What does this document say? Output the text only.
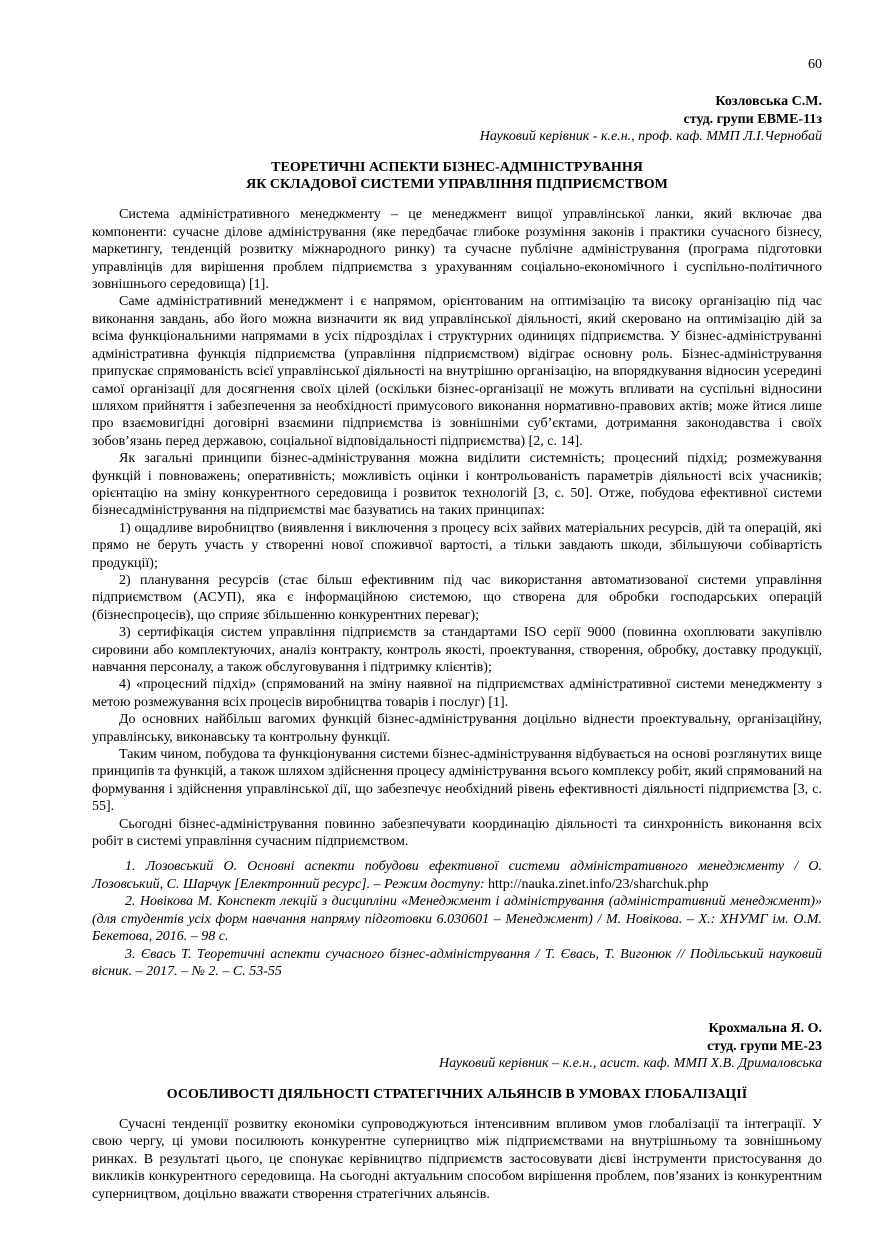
60
Козловська С.М.
студ. групи ЕВМЕ-11з
Науковий керівник - к.е.н., проф. каф. ММП Л.І.Чернобай
ТЕОРЕТИЧНІ АСПЕКТИ БІЗНЕС-АДМІНІСТРУВАННЯ
ЯК СКЛАДОВОЇ СИСТЕМИ УПРАВЛІННЯ ПІДПРИЄМСТВОМ

Система адміністративного менеджменту – це менеджмент вищої управлінської ланки, який включає два компоненти: сучасне ділове адміністрування (яке передбачає глибоке розуміння законів і практики сучасного бізнесу, маркетингу, тенденцій розвитку міжнародного ринку) та сучасне публічне адміністрування (програма підготовки управлінців для вирішення проблем підприємства з урахуванням соціально-економічного і суспільно-політичного зовнішнього середовища) [1].

Саме адміністративний менеджмент і є напрямом, орієнтованим на оптимізацію та високу організацію під час виконання завдань, або його можна визначити як вид управлінської діяльності, який скеровано на оптимізацію дій за всіма функціональними напрямами в усіх підрозділах і структурних одиницях підприємства. У бізнес-адмініструванні адміністративна функція підприємства (управління підприємством) відіграє основну роль. Бізнес-адміністрування припускає спрямованість всієї управлінської діяльності на внутрішню організацію, на впорядкування відносин усередині самої організації для досягнення своїх цілей (оскільки бізнес-організації не можуть впливати на суспільні відносини шляхом прийняття і забезпечення за необхідності примусового виконання нормативно-правових актів; може йтися лише про взаємовигідні договірні взаємини підприємства із зовнішніми суб’єктами, дотримання законодавства і своїх зобов’язань перед державою, соціальної відповідальності підприємства) [2, с. 14].

Як загальні принципи бізнес-адміністрування можна виділити системність; процесний підхід; розмежування функцій і повноважень; оперативність; можливість оцінки і контрольованість параметрів діяльності всіх учасників; орієнтацію на зміну конкурентного середовища і розвиток технологій [3, с. 50]. Отже, побудова ефективної системи бізнесадміністрування на підприємстві має базуватись на таких принципах:

1) ощадливе виробництво (виявлення і виключення з процесу всіх зайвих матеріальних ресурсів, дій та операцій, які прямо не беруть участь у створенні нової споживчої вартості, а тільки завдають шкоди, збільшуючи собівартість продукції);

2) планування ресурсів (стає більш ефективним під час використання автоматизованої системи управління підприємством (АСУП), яка є інформаційною системою, що створена для обробки господарських операцій (бізнеспроцесів), що сприяє збільшенню конкурентних переваг);

3) сертифікація систем управління підприємств за стандартами ISO серії 9000 (повинна охоплювати закупівлю сировини або комплектуючих, аналіз контракту, контроль якості, проектування, створення, обробку, доставку продукції, навчання персоналу, а також обслуговування і підтримку клієнтів);

4) «процесний підхід» (спрямований на зміну наявної на підприємствах адміністративної системи менеджменту з метою розмежування всіх процесів виробництва товарів і послуг) [1].

До основних найбільш вагомих функцій бізнес-адміністрування доцільно віднести проектувальну, організаційну, управлінську, виконавську та контрольну функції.

Таким чином, побудова та функціонування системи бізнес-адміністрування відбувається на основі розглянутих вище принципів та функцій, а також шляхом здійснення процесу адміністрування всього комплексу робіт, який спрямований на формування і здійснення управлінської дії, що забезпечує необхідний рівень ефективності діяльності підприємства [3, с. 55].

Сьогодні бізнес-адміністрування повинно забезпечувати координацію діяльності та синхронність виконання всіх робіт в системі управління сучасним підприємством.

1. Лозовський О. Основні аспекти побудови ефективної системи адміністративного менеджменту / О. Лозовський, С. Шарчук [Електронний ресурс]. – Режим доступу: http://nauka.zinet.info/23/sharchuk.php

2. Новікова М. Конспект лекцій з дисципліни «Менеджмент і адміністрування (адміністративний менеджмент)» (для студентів усіх форм навчання напряму підготовки 6.030601 – Менеджмент) / М. Новікова. – Х.: ХНУМГ ім. О.М. Бекетова, 2016. – 98 с.

3. Євась Т. Теоретичні аспекти сучасного бізнес-адміністрування / Т. Євась, Т. Вигонюк // Подільський науковий вісник. – 2017. – № 2. – С. 53-55

Крохмальна Я. О.
студ. групи МЕ-23
Науковий керівник – к.е.н., асист. каф. ММП Х.В. Дрималовська
ОСОБЛИВОСТІ ДІЯЛЬНОСТІ СТРАТЕГІЧНИХ АЛЬЯНСІВ В УМОВАХ ГЛОБАЛІЗАЦІЇ

Сучасні тенденції розвитку економіки супроводжуються інтенсивним впливом умов глобалізації та інтеграції. У свою чергу, ці умови посилюють конкурентне суперництво між підприємствами на внутрішньому та зовнішньому ринках. В результаті цього, це спонукає керівництво підприємств застосовувати дієві інструменти пристосування до викликів конкурентного середовища. На сьогодні актуальним способом вирішення проблем, пов’язаних із конкурентним суперництвом, доцільно вважати створення стратегічних альянсів.
